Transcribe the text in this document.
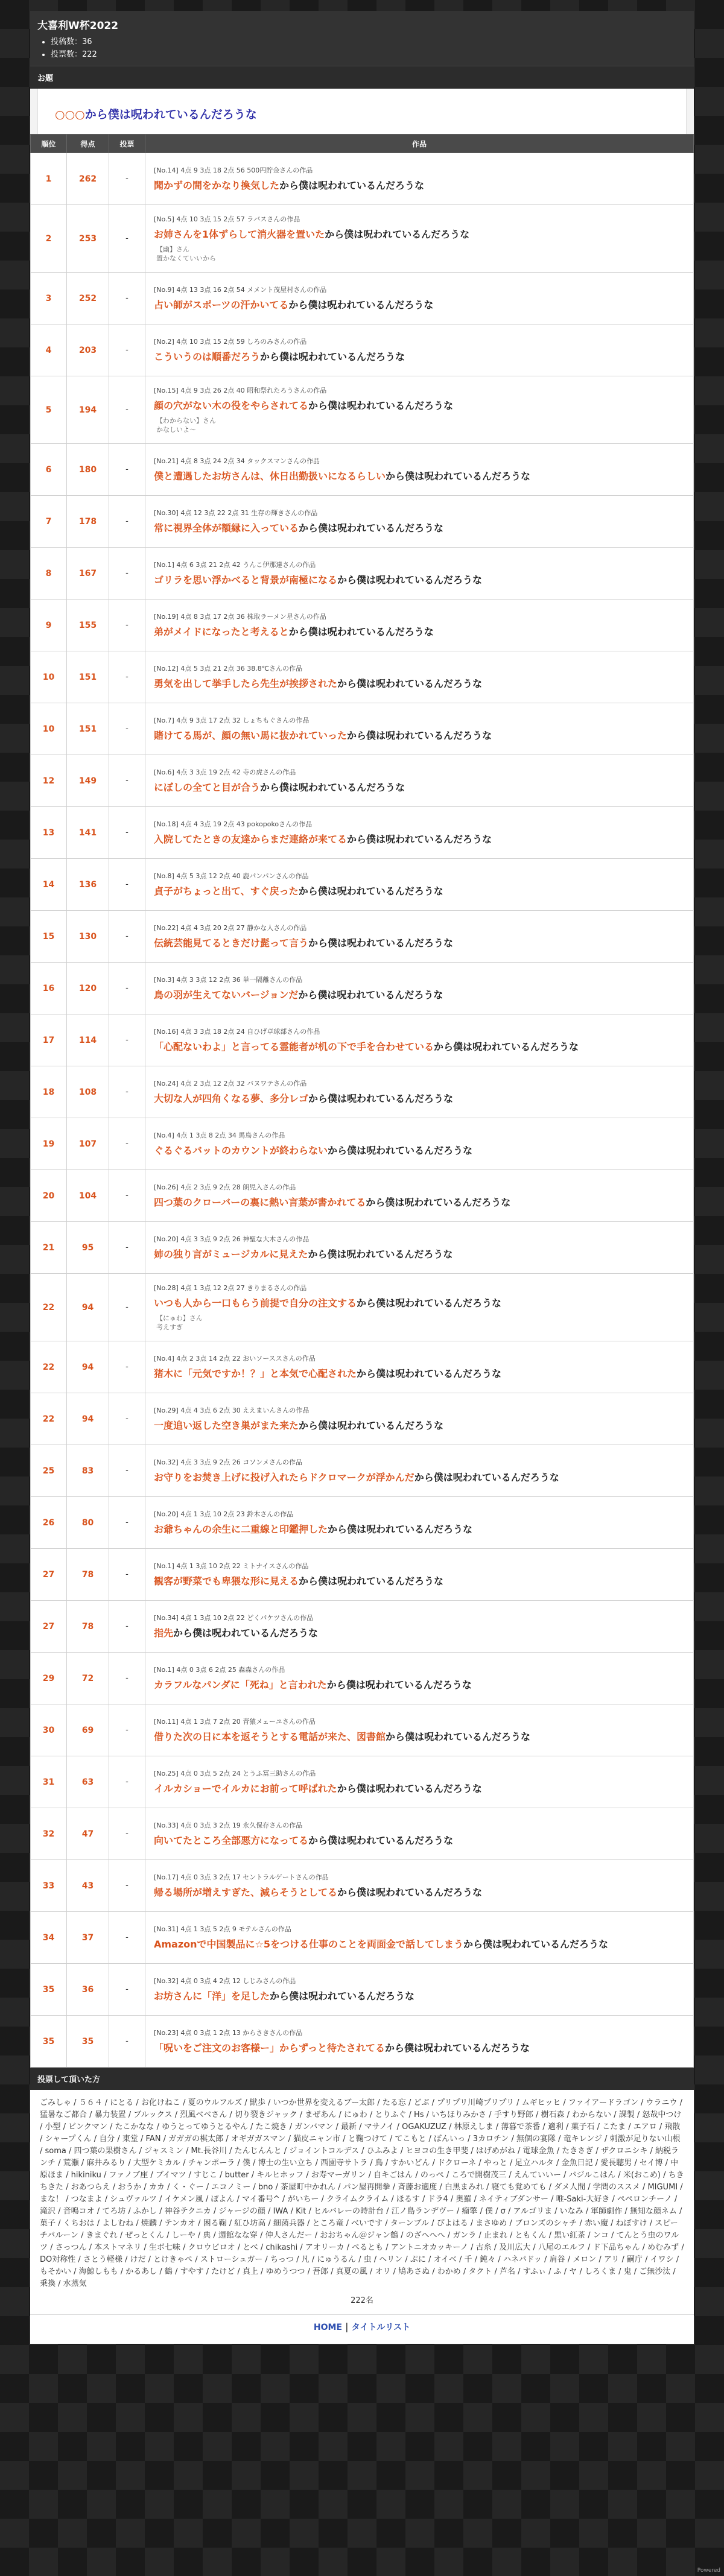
大喜利W杯2022
• 投稿数：36
• 投票数：222
お題
○○○から僕は呪われているんだろうな
順位	得点	投票	作品
1	262	-	[No.14] 4点 9 3点 18 2点 56 500円貯金さんの作品
聞かずの間をかなり換気したから僕は呪われているんだろうな

2	253	-	[No.5] 4点 10 3点 15 2点 57 ラバスさんの作品
お姉さんを1体ずらして消火器を置いたから僕は呪われているんだろうな
【幽】さん
置かなくていいから

3	252	-	[No.9] 4点 13 3点 16 2点 54 メメント茂屋村さんの作品
占い師がスポーツの汗かいてるから僕は呪われているんだろうな

4	203	-	[No.2] 4点 10 3点 15 2点 59 しろのみさんの作品
こういうのは順番だろうから僕は呪われているんだろうな

5	194	-	[No.15] 4点 9 3点 26 2点 40 昭和祭れたろうさんの作品
顔の穴がない木の役をやらされてるから僕は呪われているんだろうな
【わからない】さん
かなしいよ〜

6	180	-	[No.21] 4点 8 3点 24 2点 34 タックスマンさんの作品
僕と遭遇したお坊さんは、休日出勤扱いになるらしいから僕は呪われているんだろうな

7	178	-	[No.30] 4点 12 3点 22 2点 31 生存の輝きさんの作品
常に視界全体が額縁に入っているから僕は呪われているんだろうな

8	167	-	[No.1] 4点 6 3点 21 2点 42 うんこ伊那達さんの作品
ゴリラを思い浮かべると背景が南極になるから僕は呪われているんだろうな

9	155	-	[No.19] 4点 8 3点 17 2点 36 株取ラーメン星さんの作品
弟がメイドになったと考えるとから僕は呪われているんだろうな

10	151	-	[No.12] 4点 5 3点 21 2点 36 38.8℃さんの作品
勇気を出して挙手したら先生が挨拶されたから僕は呪われているんだろうな

10	151	-	[No.7] 4点 9 3点 17 2点 32 しょちもぐさんの作品
賭けてる馬が、顔の無い馬に抜かれていったから僕は呪われているんだろうな

12	149	-	[No.6] 4点 3 3点 19 2点 42 寺の虎さんの作品
にぼしの全てと目が合うから僕は呪われているんだろうな

13	141	-	[No.18] 4点 4 3点 19 2点 43 pokopokoさんの作品
入院してたときの友達からまだ連絡が来てるから僕は呪われているんだろうな

14	136	-	[No.8] 4点 5 3点 12 2点 40 鹿パンパンさんの作品
貞子がちょっと出て、すぐ戻ったから僕は呪われているんだろうな

15	130	-	[No.22] 4点 4 3点 20 2点 27 静かな人さんの作品
伝統芸能見てるときだけ髭って言うから僕は呪われているんだろうな

16	120	-	[No.3] 4点 3 3点 12 2点 36 単一隔離さんの作品
鳥の羽が生えてないバージョンだから僕は呪われているんだろうな

17	114	-	[No.16] 4点 3 3点 18 2点 24 自ひげ卓球部さんの作品
「心配ないわよ」と言ってる霊能者が机の下で手を合わせているから僕は呪われているんだろうな

18	108	-	[No.24] 4点 2 3点 12 2点 32 バヌワテさんの作品
大切な人が四角くなる夢、多分レゴから僕は呪われているんだろうな

19	107	-	[No.4] 4点 1 3点 8 2点 34 馬鳥さんの作品
ぐるぐるバットのカウントが終わらないから僕は呪われているんだろうな

20	104	-	[No.26] 4点 2 3点 9 2点 28 朗児入さんの作品
四つ葉のクローバーの裏に熱い言葉が書かれてるから僕は呪われているんだろうな

21	95	-	[No.20] 4点 3 3点 9 2点 26 神聖な大木さんの作品
姉の独り言がミュージカルに見えたから僕は呪われているんだろうな

22	94	-	[No.28] 4点 1 3点 12 2点 27 きりまるさんの作品
いつも人から一口もらう前提で自分の注文するから僕は呪われているんだろうな
【にゅわ】さん
考えすぎ

22	94	-	[No.4] 4点 2 3点 14 2点 22 おいソーススさんの作品
猪木に「元気ですか！？」と本気で心配されたから僕は呪われているんだろうな

22	94	-	[No.29] 4点 4 3点 6 2点 30 ええまいんさんの作品
一度追い返した空き巣がまた来たから僕は呪われているんだろうな

25	83	-	[No.32] 4点 3 3点 9 2点 26 コソンメさんの作品
お守りをお焚き上げに投げ入れたらドクロマークが浮かんだから僕は呪われているんだろうな

26	80	-	[No.20] 4点 1 3点 10 2点 23 鈴木さんの作品
お爺ちゃんの余生に二重線と印鑑押したから僕は呪われているんだろうな

27	78	-	[No.1] 4点 1 3点 10 2点 22 ミトナイスさんの作品
観客が野菜でも卑猥な形に見えるから僕は呪われているんだろうな

27	78	-	[No.34] 4点 1 3点 10 2点 22 どくパケツさんの作品
指先から僕は呪われているんだろうな

29	72	-	[No.1] 4点 0 3点 6 2点 25 森森さんの作品
カラフルなパンダに「死ね」と言われたから僕は呪われているんだろうな

30	69	-	[No.11] 4点 1 3点 7 2点 20 青猿メェーユさんの作品
借りた次の日に本を返そうとする電話が来た、図書館から僕は呪われているんだろうな

31	63	-	[No.25] 4点 0 3点 5 2点 24 とうふ冨三助さんの作品
イルカショーでイルカにお前って呼ばれたから僕は呪われているんだろうな

32	47	-	[No.33] 4点 0 3点 3 2点 19 永久保存さんの作品
向いてたところ全部悪方になってるから僕は呪われているんだろうな

33	43	-	[No.17] 4点 0 3点 3 2点 17 セントラルゲートさんの作品
帰る場所が増えすぎた、減らそうとしてるから僕は呪われているんだろうな

34	37	-	[No.31] 4点 1 3点 5 2点 9 モテルさんの作品
Amazonで中国製品に☆5をつける仕事のことを両面金で話してしまうから僕は呪われているんだろうな

35	36	-	[No.32] 4点 0 3点 4 2点 12 しじみさんの作品
お坊さんに「洋」を足したから僕は呪われているんだろうな

35	35	-	[No.23] 4点 0 3点 1 2点 13 からさきさんの作品
「呪いをご注文のお客様ー」からずっと待たされてるから僕は呪われているんだろうな
投票して頂いた方
ごみしゃ / ５６４ / にとる / お化けねこ / 夏のウルフルズ / 獣歩 / いつか世界を変えるブー太郎 / たる忘 / どぶ / プリプリ川崎プリプリ / ムギヒッヒ / ファイアードラゴン / ウラニウ / 猛暑なご都合 / 暴力装置 / ブルックス / 烈風ベベさん / 切り裂きジャック / まぜあん / にゅわ / とりふぐ / Hs / いちほりみかさ / 手すり野郎 / 樹石森 / わからない / 課製 / 怒哉中つけ / 小型 / ビンクマン / たこかなな / ゆうとってゆうとるやん / たこ焼き / ガンバマン / 最新 / マサノイ / OGAKUZUZ / 林原えしま / 薄暮で茶番 / 適利 / 菓子石 / こたま / エアロ / 飛散 / シャープくん / 自分 / 東堂 / FAN / ガガガの棋太郎 / オギガガスマン / 猫皮ニャン市 / と鞠つけて / てこもと / ぼんいっ / 3カロチン / 無個の宴隊 / 竜キレンジ / 刺激が足りない山根 / soma / 四つ葉の果樹さん / ジャスミン / Mt.長谷川 / たんじんんと / ジョイントコルデス / ひふみよ / ヒヨコの生き甲斐 / はげめがね / 電球金魚 / たきさぎ / ザクロニシキ / 納税ランチ / 荒瀬 / 麻井みるり / 大型ケミカル / チャンポーラ / 僕 / 博士の生い立ち / 西園寺サトラ / 鳥 / すかいどん / ドクローネ / やっと / 足立ハルタ / 金魚日記 / 愛長聴男 / セイ博 / 中原ほま / hikiniku / ファノブ座 / ブイマツ / すじこ / butter / キルヒホッフ / お寿マーガリン / 自キごはん / のっぺ / ころで開樹茂三 / えんていいー / バジルこはん / 米(おこめ) / ちきちきた / おあつらえ / おうか / カカ / く・ぐー / エコノミー / bno / 茶屋町中かれん / パン屋再開拳 / 斉藤お適度 / 白黒まみれ / 寝ても覚めても / ダメ人間 / 学問のススメ / MIGUMI / まな！ / つなまよ / シュヴァルツ / イケメン風 / ぽよん / マイ番号^ / がいちー / クライムクライム / ほるす / ドラ4 / 奥羅 / ネイティブダンサー / 唯-Saki-大好き / ペペロンチーノ / 滝沢 / 音鳴コオ / てろ坊 / ふかし / 神谷テクニカ / ジャージの顔 / IWA / Kit / ヒルバレーの時計台 / 江ノ島ランデヴー / 瘤擎 / 僕 / σ / アルゴリま / いなみ / 軍師劇作 / 無知な顔ネム / 菓子 / くちおは / よしむね / 焼麟 / テンカオ / 困る鞠 / 紅ひ坊高 / 細菌兵器 / ところ竜 / べいです / ターンブル / ぴよはる / まさゆめ / ブロンズのシャチ / 赤い魔 / ねぼすけ / スピーチバルーン / きまぐれ / ぜっとくん / しーや / 典 / 週館なな穿 / 仲人さんだー / おおちゃん＠ジャン鶴 / のざへへへ / ガンラ / 止まれ / ともくん / 黒い紅茶 / ンコ / てんとう虫のワルツ / さっつん / 本ストマネリ / 生ボ七味 / クロウビロオ / とべ / chikashi / アオリーカ / ぺるとも / アントニオカッキーノ / 古糸 / 及川広大 / 八尾のエルフ / ド下品ちゃん / めむみず / DO対称性 / さとう軽様 / けだ / とけきゃぺ / ストローシュガー / ちっつ / 凡 / にゅうるん / 虫 / ヘリン / ぷに / オイベ / 千 / 鈍々 / ハネパドッ / 肩谷 / メロン / アリ / 嗣庁 / イワシ / もそかい / 海鯨しもも / かるあし / 鶴 / すやす / たけど / 真上 / ゆめうつつ / 吾郎 / 真夏の風 / オリ / 鳩あさぬ / わかめ / タクト / 芦名 / すふぃ / ふ / ヤ / しろくま / 鬼 / ご無沙汰 / 乗換 / 水蒸気
222名
HOME | タイトルリスト
Powered
